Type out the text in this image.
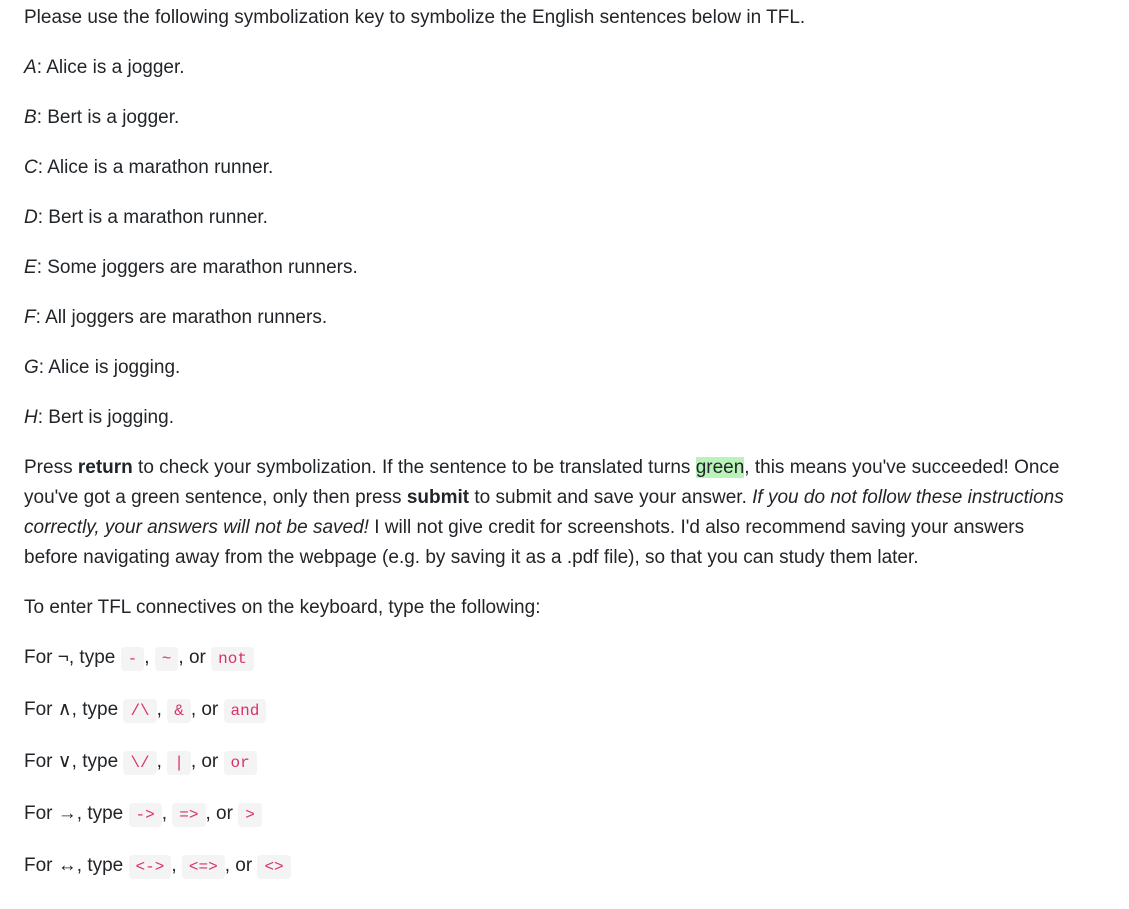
Please use the following symbolization key to symbolize the English sentences below in TFL.

A: Alice is a jogger.

B: Bert is a jogger.

C: Alice is a marathon runner.

D: Bert is a marathon runner.

E: Some joggers are marathon runners.

F: All joggers are marathon runners.

G: Alice is jogging.

H: Bert is jogging.

Press return to check your symbolization. If the sentence to be translated turns green, this means you've succeeded! Once you've got a green sentence, only then press submit to submit and save your answer. If you do not follow these instructions correctly, your answers will not be saved! I will not give credit for screenshots. I'd also recommend saving your answers before navigating away from the webpage (e.g. by saving it as a .pdf file), so that you can study them later.

To enter TFL connectives on the keyboard, type the following:

For ¬, type - , ~ , or not

For ∧, type /\ , & , or and

For ∨, type \/ , | , or or

For →, type -> , => , or >

For ↔, type <-> , <=> , or <>
